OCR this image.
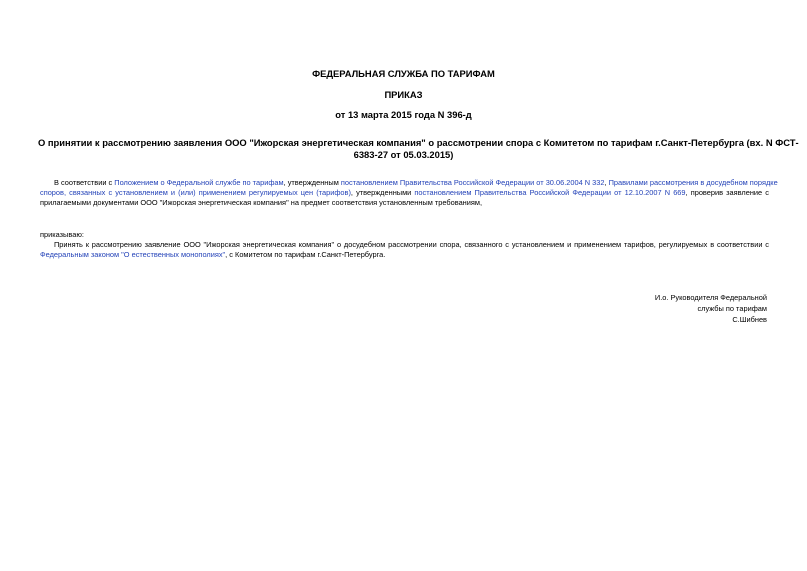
ФЕДЕРАЛЬНАЯ СЛУЖБА ПО ТАРИФАМ
ПРИКАЗ
от 13 марта 2015 года N 396-д
О принятии к рассмотрению заявления ООО "Ижорская энергетическая компания" о рассмотрении спора с Комитетом по тарифам г.Санкт-Петербурга (вх. N ФСТ-
6383-27 от 05.03.2015)
В соответствии с Положением о Федеральной службе по тарифам, утвержденным постановлением Правительства Российской Федерации от 30.06.2004 N 332, Правилами рассмотрения в досудебном порядке
споров, связанных с установлением и (или) применением регулируемых цен (тарифов), утвержденными постановлением Правительства Российской Федерации от 12.10.2007 N 669, проверив заявление с
прилагаемыми документами ООО "Ижорская энергетическая компания" на предмет соответствия установленным требованиям,
приказываю:
Принять к рассмотрению заявление ООО "Ижорская энергетическая компания" о досудебном рассмотрении спора, связанного с установлением и применением тарифов, регулируемых в соответствии с
Федеральным законом "О естественных монополиях", с Комитетом по тарифам г.Санкт-Петербурга.
И.о. Руководителя Федеральной
службы по тарифам
С.Шибнев
